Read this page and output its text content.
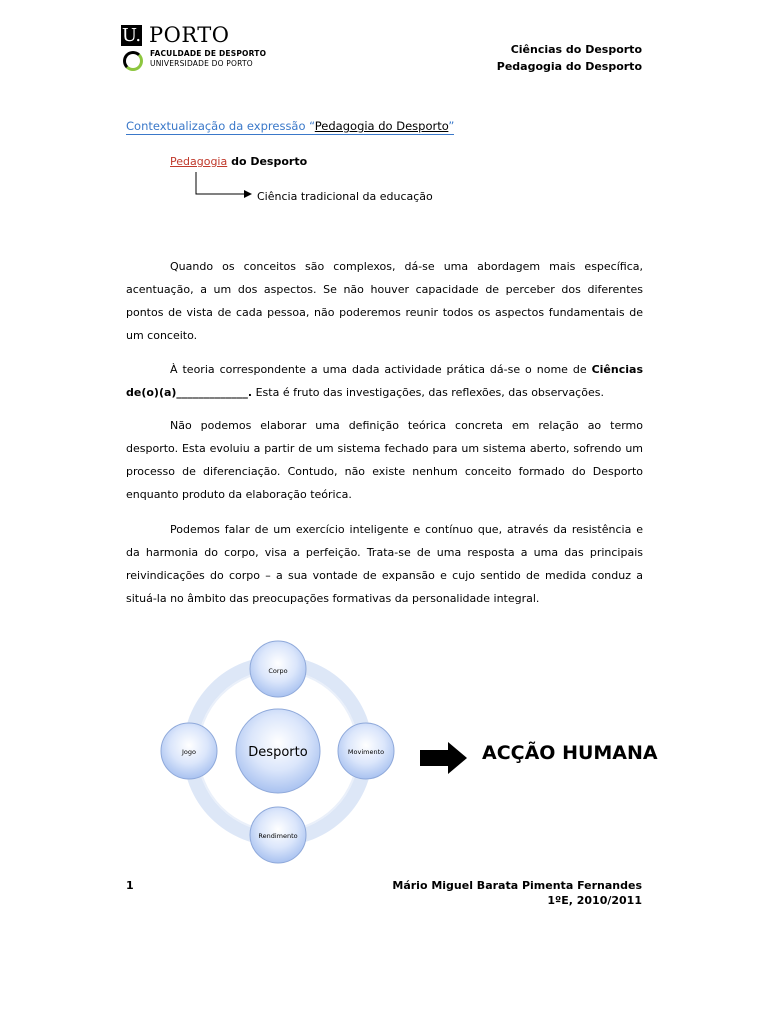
U. PORTO
FACULDADE DE DESPORTO
UNIVERSIDADE DO PORTO
Ciências do Desporto
Pedagogia do Desporto
Contextualização da expressão “Pedagogia do Desporto”
Pedagogia do Desporto
Ciência tradicional da educação

Quando os conceitos são complexos, dá-se uma abordagem mais específica, acentuação, a um dos aspectos. Se não houver capacidade de perceber dos diferentes pontos de vista de cada pessoa, não poderemos reunir todos os aspectos fundamentais de um conceito.

À teoria correspondente a uma dada actividade prática dá-se o nome de Ciências de(o)(a)_____________. Esta é fruto das investigações, das reflexões, das observações.

Não podemos elaborar uma definição teórica concreta em relação ao termo desporto. Esta evoluiu a partir de um sistema fechado para um sistema aberto, sofrendo um processo de diferenciação. Contudo, não existe nenhum conceito formado do Desporto enquanto produto da elaboração teórica.

Podemos falar de um exercício inteligente e contínuo que, através da resistência e da harmonia do corpo, visa a perfeição. Trata-se de uma resposta a uma das principais reivindicações do corpo – a sua vontade de expansão e cujo sentido de medida conduz a situá-la no âmbito das preocupações formativas da personalidade integral.

Desporto
Corpo
Movimento
Rendimento
Jogo	ACÇÃO HUMANA
1	Mário Miguel Barata Pimenta Fernandes
1ºE, 2010/2011
